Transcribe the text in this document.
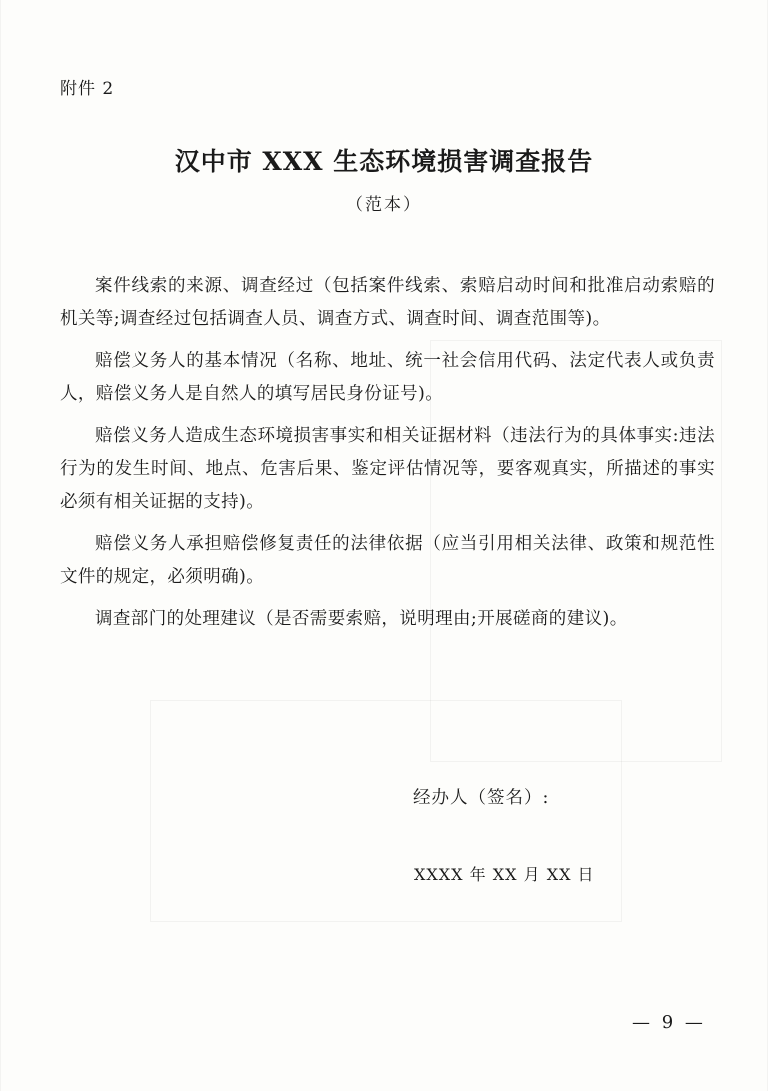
附件 2
汉中市 XXX 生态环境损害调查报告
（范本）

案件线索的来源、调查经过（包括案件线索、索赔启动时间和批准启动索赔的机关等;调查经过包括调查人员、调查方式、调查时间、调查范围等)。

赔偿义务人的基本情况（名称、地址、统一社会信用代码、法定代表人或负责人，赔偿义务人是自然人的填写居民身份证号)。

赔偿义务人造成生态环境损害事实和相关证据材料（违法行为的具体事实:违法行为的发生时间、地点、危害后果、鉴定评估情况等，要客观真实，所描述的事实必须有相关证据的支持)。

赔偿义务人承担赔偿修复责任的法律依据（应当引用相关法律、政策和规范性文件的规定，必须明确)。

调查部门的处理建议（是否需要索赔，说明理由;开展磋商的建议)。

经办人（签名）:
XXXX 年 XX 月 XX 日
— 9 —
